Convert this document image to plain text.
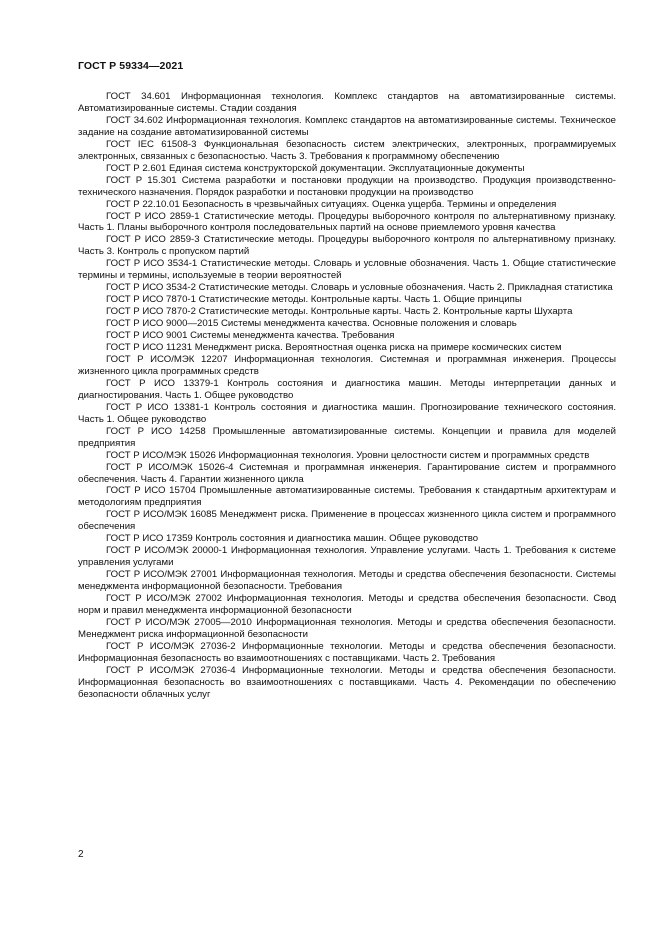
ГОСТ Р 59334—2021

ГОСТ 34.601 Информационная технология. Комплекс стандартов на автоматизированные системы. Автоматизированные системы. Стадии создания

ГОСТ 34.602 Информационная технология. Комплекс стандартов на автоматизированные системы. Техническое задание на создание автоматизированной системы

ГОСТ IEC 61508-3 Функциональная безопасность систем электрических, электронных, программируемых электронных, связанных с безопасностью. Часть 3. Требования к программному обеспечению

ГОСТ Р 2.601 Единая система конструкторской документации. Эксплуатационные документы

ГОСТ Р 15.301 Система разработки и постановки продукции на производство. Продукция производственно-технического назначения. Порядок разработки и постановки продукции на производство

ГОСТ Р 22.10.01 Безопасность в чрезвычайных ситуациях. Оценка ущерба. Термины и определения

ГОСТ Р ИСО 2859-1 Статистические методы. Процедуры выборочного контроля по альтернативному признаку. Часть 1. Планы выборочного контроля последовательных партий на основе приемлемого уровня качества

ГОСТ Р ИСО 2859-3 Статистические методы. Процедуры выборочного контроля по альтернативному признаку. Часть 3. Контроль с пропуском партий

ГОСТ Р ИСО 3534-1 Статистические методы. Словарь и условные обозначения. Часть 1. Общие статистические термины и термины, используемые в теории вероятностей

ГОСТ Р ИСО 3534-2 Статистические методы. Словарь и условные обозначения. Часть 2. Прикладная статистика

ГОСТ Р ИСО 7870-1 Статистические методы. Контрольные карты. Часть 1. Общие принципы

ГОСТ Р ИСО 7870-2 Статистические методы. Контрольные карты. Часть 2. Контрольные карты Шухарта

ГОСТ Р ИСО 9000—2015 Системы менеджмента качества. Основные положения и словарь

ГОСТ Р ИСО 9001 Системы менеджмента качества. Требования

ГОСТ Р ИСО 11231 Менеджмент риска. Вероятностная оценка риска на примере космических систем

ГОСТ Р ИСО/МЭК 12207 Информационная технология. Системная и программная инженерия. Процессы жизненного цикла программных средств

ГОСТ Р ИСО 13379-1 Контроль состояния и диагностика машин. Методы интерпретации данных и диагностирования. Часть 1. Общее руководство

ГОСТ Р ИСО 13381-1 Контроль состояния и диагностика машин. Прогнозирование технического состояния. Часть 1. Общее руководство

ГОСТ Р ИСО 14258 Промышленные автоматизированные системы. Концепции и правила для моделей предприятия

ГОСТ Р ИСО/МЭК 15026 Информационная технология. Уровни целостности систем и программных средств

ГОСТ Р ИСО/МЭК 15026-4 Системная и программная инженерия. Гарантирование систем и программного обеспечения. Часть 4. Гарантии жизненного цикла

ГОСТ Р ИСО 15704 Промышленные автоматизированные системы. Требования к стандартным архитектурам и методологиям предприятия

ГОСТ Р ИСО/МЭК 16085 Менеджмент риска. Применение в процессах жизненного цикла систем и программного обеспечения

ГОСТ Р ИСО 17359 Контроль состояния и диагностика машин. Общее руководство

ГОСТ Р ИСО/МЭК 20000-1 Информационная технология. Управление услугами. Часть 1. Требования к системе управления услугами

ГОСТ Р ИСО/МЭК 27001 Информационная технология. Методы и средства обеспечения безопасности. Системы менеджмента информационной безопасности. Требования

ГОСТ Р ИСО/МЭК 27002 Информационная технология. Методы и средства обеспечения безопасности. Свод норм и правил менеджмента информационной безопасности

ГОСТ Р ИСО/МЭК 27005—2010 Информационная технология. Методы и средства обеспечения безопасности. Менеджмент риска информационной безопасности

ГОСТ Р ИСО/МЭК 27036-2 Информационные технологии. Методы и средства обеспечения безопасности. Информационная безопасность во взаимоотношениях с поставщиками. Часть 2. Требования

ГОСТ Р ИСО/МЭК 27036-4 Информационные технологии. Методы и средства обеспечения безопасности. Информационная безопасность во взаимоотношениях с поставщиками. Часть 4. Рекомендации по обеспечению безопасности облачных услуг

2
